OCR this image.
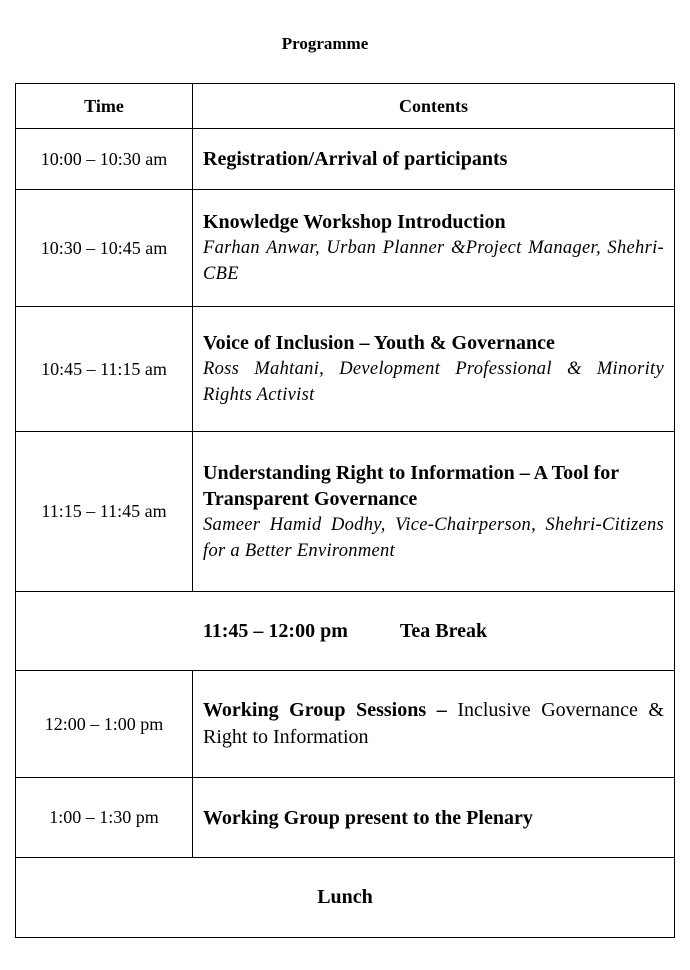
Programme
Time	Contents
10:00 – 10:30 am	Registration/Arrival of participants

10:30 – 10:45 am	Knowledge Workshop Introduction
Farhan Anwar, Urban Planner &Project Manager, Shehri-CBE

10:45 – 11:15 am	Voice of Inclusion – Youth & Governance
Ross Mahtani, Development Professional & Minority Rights Activist

11:15 – 11:45 am	Understanding Right to Information – A Tool for Transparent Governance
Sameer Hamid Dodhy, Vice-Chairperson, Shehri-Citizens for a Better Environment

11:45 – 12:00 pm Tea Break	
12:00 – 1:00 pm	Working Group Sessions – Inclusive Governance & Right to Information

1:00 – 1:30 pm	Working Group present to the Plenary

Lunch	
